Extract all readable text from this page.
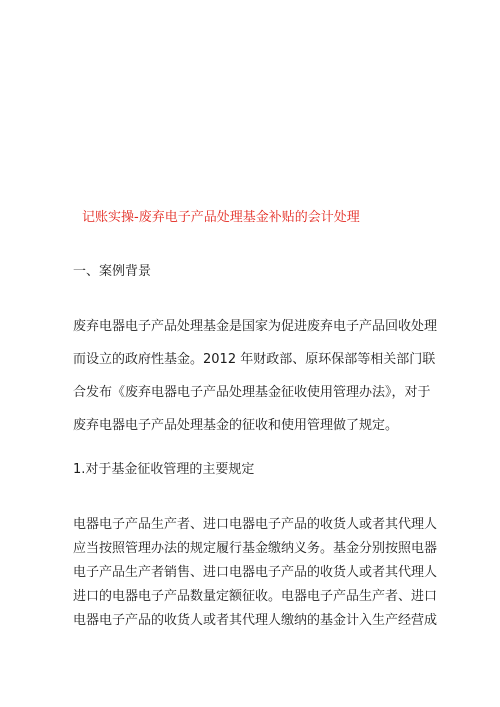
记账实操-废弃电子产品处理基金补贴的会计处理
一、案例背景

废弃电器电子产品处理基金是国家为促进废弃电子产品回收处理
而设立的政府性基金。2012 年财政部、原环保部等相关部门联
合发布《废弃电器电子产品处理基金征收使用管理办法》，对于
废弃电器电子产品处理基金的征收和使用管理做了规定。

1.对于基金征收管理的主要规定

电器电子产品生产者、进口电器电子产品的收货人或者其代理人
应当按照管理办法的规定履行基金缴纳义务。基金分别按照电器
电子产品生产者销售、进口电器电子产品的收货人或者其代理人
进口的电器电子产品数量定额征收。电器电子产品生产者、进口
电器电子产品的收货人或者其代理人缴纳的基金计入生产经营成
